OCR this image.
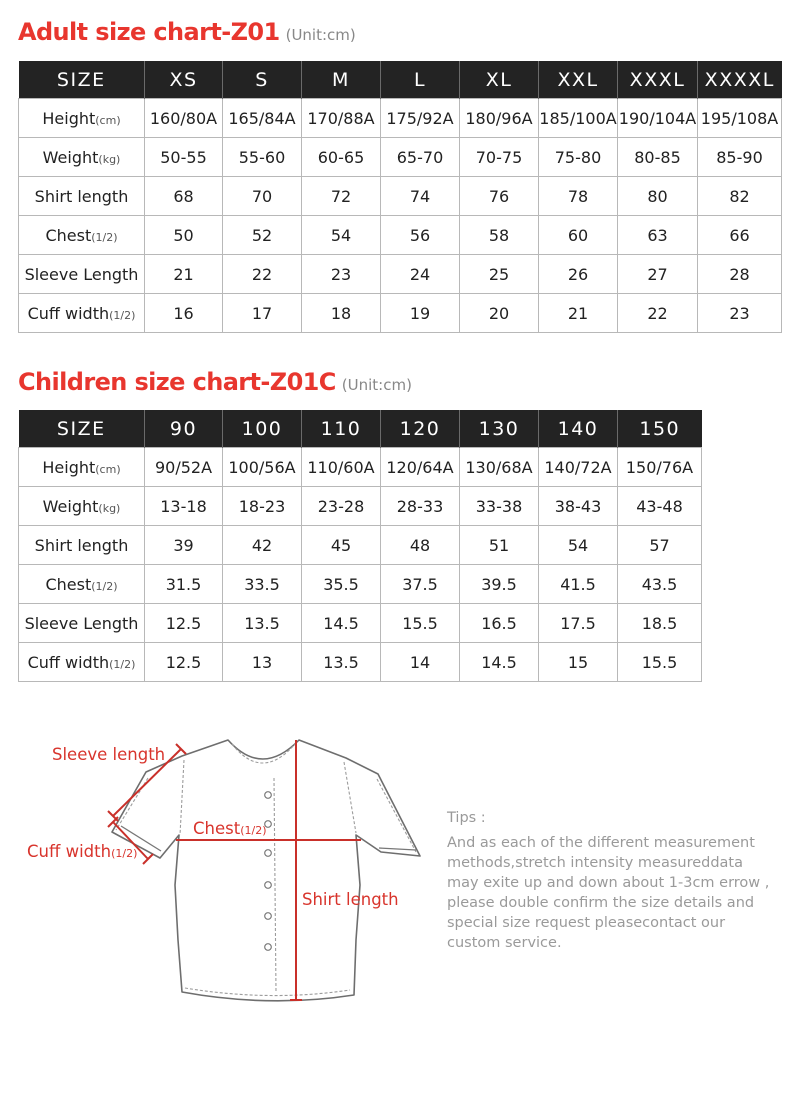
Adult size chart-Z01 (Unit:cm)
SIZE	XS	S	M	L	XL	XXL	XXXL	XXXXL
Height(cm)	160/80A	165/84A	170/88A	175/92A	180/96A	185/100A	190/104A	195/108A
Weight(kg)	50-55	55-60	60-65	65-70	70-75	75-80	80-85	85-90
Shirt length	68	70	72	74	76	78	80	82
Chest(1/2)	50	52	54	56	58	60	63	66
Sleeve Length	21	22	23	24	25	26	27	28
Cuff width(1/2)	16	17	18	19	20	21	22	23
Children size chart-Z01C (Unit:cm)
SIZE	90	100	110	120	130	140	150
Height(cm)	90/52A	100/56A	110/60A	120/64A	130/68A	140/72A	150/76A
Weight(kg)	13-18	18-23	23-28	28-33	33-38	38-43	43-48
Shirt length	39	42	45	48	51	54	57
Chest(1/2)	31.5	33.5	35.5	37.5	39.5	41.5	43.5
Sleeve Length	12.5	13.5	14.5	15.5	16.5	17.5	18.5
Cuff width(1/2)	12.5	13	13.5	14	14.5	15	15.5
Sleeve length
Chest(1/2)
Cuff width(1/2)
Shirt length
Tips :
And as each of the different measurement
methods,stretch intensity measureddata
may exite up and down about 1-3cm errow ,
please double confirm the size details and
special size request pleasecontact our
custom service.
